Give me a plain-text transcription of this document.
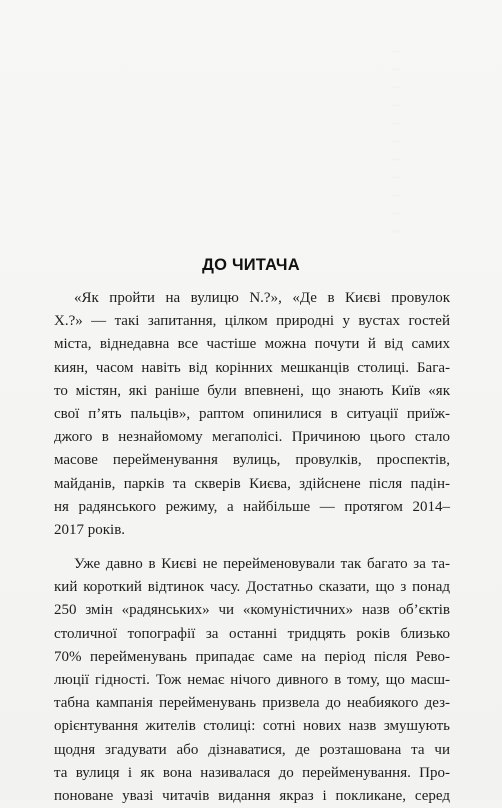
...
...
...
...
...
...
...
...
...
...
...
ДО ЧИТАЧА
«Як пройти на вулицю N.?», «Де в Києві провулок
X.?» — такі запитання, цілком природні у вустах гостей
міста, віднедавна все частіше можна почути й від самих
киян, часом навіть від корінних мешканців столиці. Бага-
то містян, які раніше були впевнені, що знають Київ «як
свої п’ять пальців», раптом опинилися в ситуації приїж-
джого в незнайомому мегаполісі. Причиною цього стало
масове перейменування вулиць, провулків, проспектів,
майданів, парків та скверів Києва, здійснене після падін-
ня радянського режиму, а найбільше — протягом 2014–
2017 років.
Уже давно в Києві не перейменовували так багато за та-
кий короткий відтинок часу. Достатньо сказати, що з понад
250 змін «радянських» чи «комуністичних» назв об’єктів
столичної топографії за останні тридцять років близько
70% перейменувань припадає саме на період після Рево-
люції гідності. Тож немає нічого дивного в тому, що масш-
табна кампанія перейменувань призвела до неабиякого дез-
орієнтування жителів столиці: сотні нових назв змушують
щодня згадувати або дізнаватися, де розташована та чи
та вулиця і як вона називалася до перейменування. Про-
поноване увазі читачів видання якраз і покликане, серед
